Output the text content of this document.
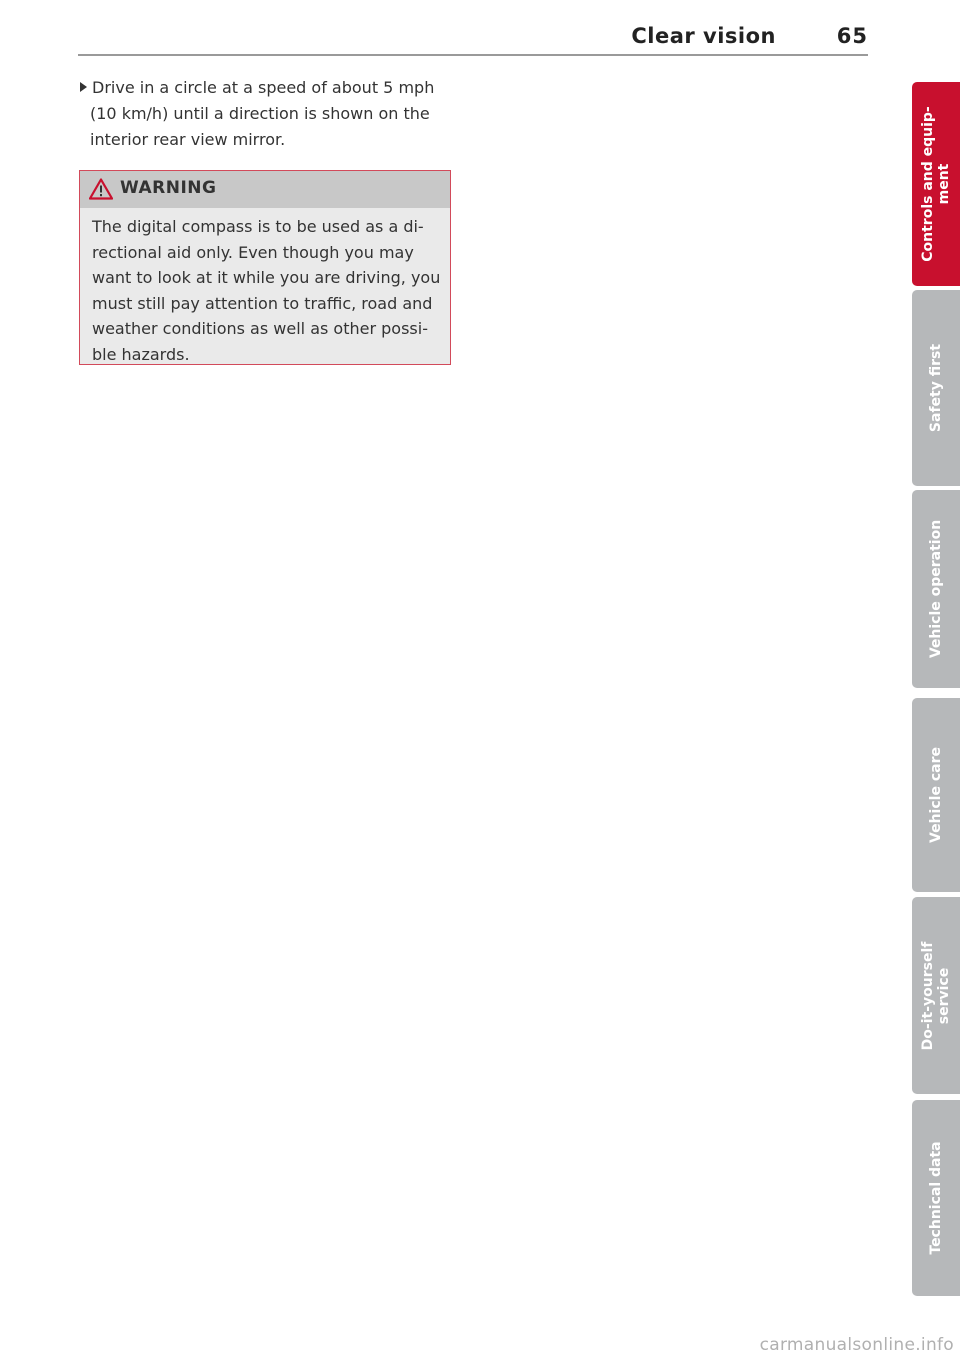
Clear vision	65
Drive in a circle at a speed of about 5 mph
(10 km/h) until a direction is shown on the
interior rear view mirror.
WARNING
The digital compass is to be used as a di-
rectional aid only. Even though you may
want to look at it while you are driving, you
must still pay attention to traffic, road and
weather conditions as well as other possi-
ble hazards.
Controls and equip- ment
Safety first
Vehicle operation
Vehicle care
Do-it-yourself service
Technical data
carmanualsonline.info
